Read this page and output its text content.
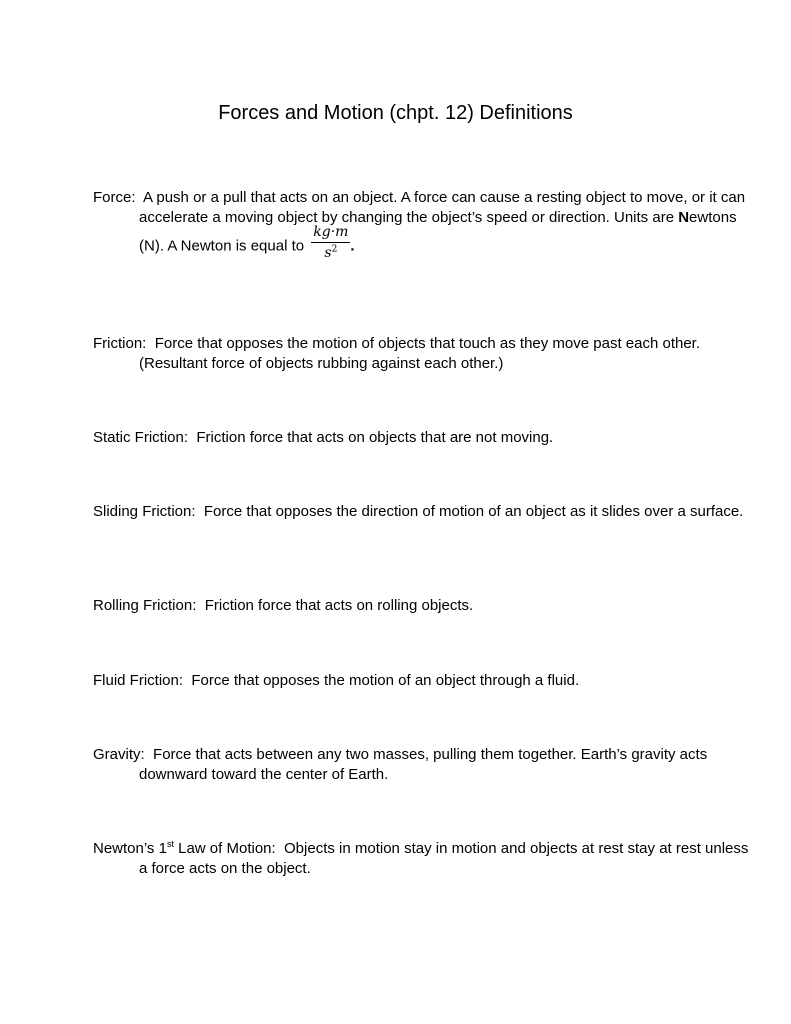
Forces and Motion (chpt. 12) Definitions

Force: A push or a pull that acts on an object. A force can cause a resting object to move, or it can accelerate a moving object by changing the object’s speed or direction. Units are Newtons (N). A Newton is equal to $\frac{kg\cdot m}{s^2}$ .

Friction: Force that opposes the motion of objects that touch as they move past each other. (Resultant force of objects rubbing against each other.)

Static Friction: Friction force that acts on objects that are not moving.

Sliding Friction: Force that opposes the direction of motion of an object as it slides over a surface.

Rolling Friction: Friction force that acts on rolling objects.

Fluid Friction: Force that opposes the motion of an object through a fluid.

Gravity: Force that acts between any two masses, pulling them together. Earth’s gravity acts downward toward the center of Earth.

Newton’s 1st Law of Motion: Objects in motion stay in motion and objects at rest stay at rest unless a force acts on the object.
